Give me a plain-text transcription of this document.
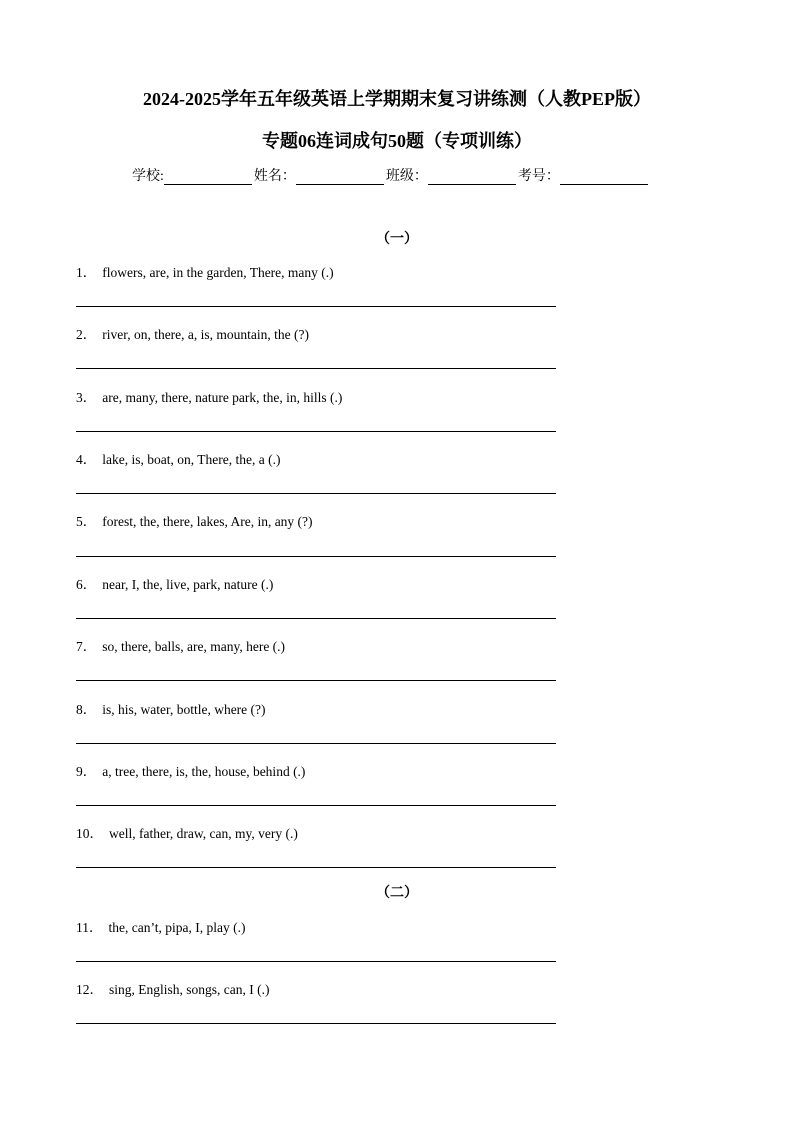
2024-2025学年五年级英语上学期期末复习讲练测（人教PEP版）
专题06连词成句50题（专项训练）
学校:	姓名：	班级：	考号：
（一）
1． flowers, are, in the garden, There, many (.)
2． river, on, there, a, is, mountain, the (?)
3． are, many, there, nature park, the, in, hills (.)
4． lake, is, boat, on, There, the, a (.)
5． forest, the, there, lakes, Are, in, any (?)
6． near, I, the, live, park, nature (.)
7． so, there, balls, are, many, here (.)
8． is, his, water, bottle, where (?)
9． a, tree, there, is, the, house, behind (.)
10． well, father, draw, can, my, very (.)
（二）
11． the, can’t, pipa, I, play (.)
12． sing, English, songs, can, I (.)
